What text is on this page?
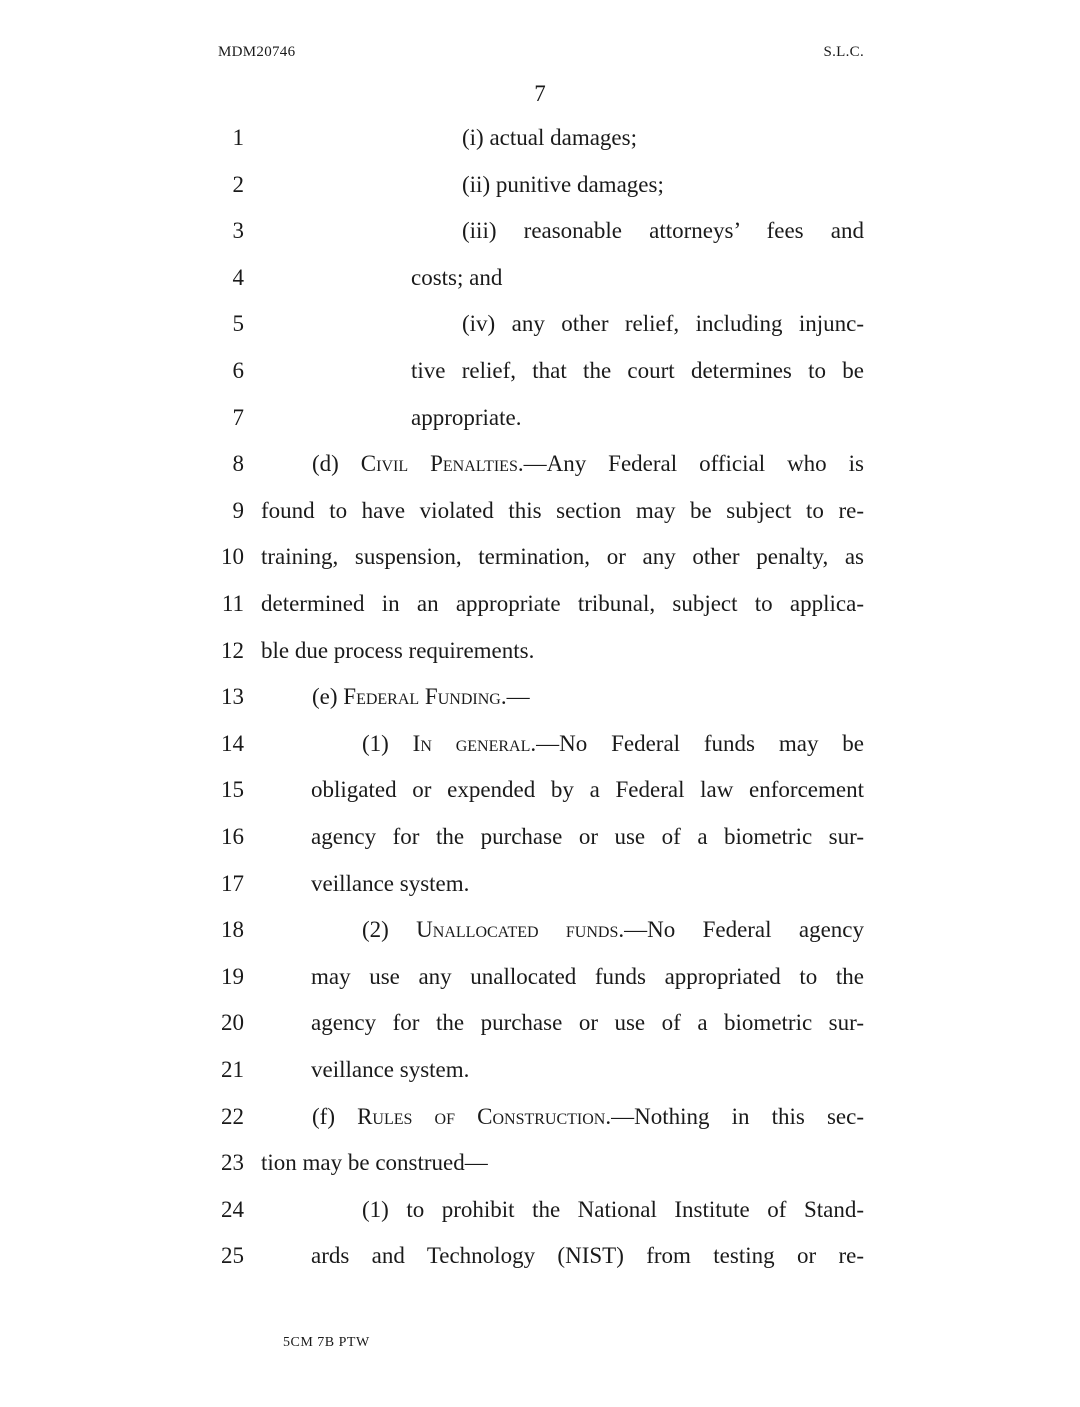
MDM20746	S.L.C.
7
1	(i) actual damages;
2	(ii) punitive damages;
3	(iii) reasonable attorneys’ fees and
4	costs; and
5	(iv) any other relief, including injunc-
6	tive relief, that the court determines to be
7	appropriate.
8	(d) Civil Penalties.—Any Federal official who is
9 found to have violated this section may be subject to re-
10 training, suspension, termination, or any other penalty, as
11 determined in an appropriate tribunal, subject to applica-
12 ble due process requirements.
13	(e) Federal Funding.—
14	(1) In general.—No Federal funds may be
15	obligated or expended by a Federal law enforcement
16	agency for the purchase or use of a biometric sur-
17	veillance system.
18	(2) Unallocated funds.—No Federal agency
19	may use any unallocated funds appropriated to the
20	agency for the purchase or use of a biometric sur-
21	veillance system.
22	(f) Rules of Construction.—Nothing in this sec-
23 tion may be construed—
24	(1) to prohibit the National Institute of Stand-
25	ards and Technology (NIST) from testing or re-
5CM 7B PTW
